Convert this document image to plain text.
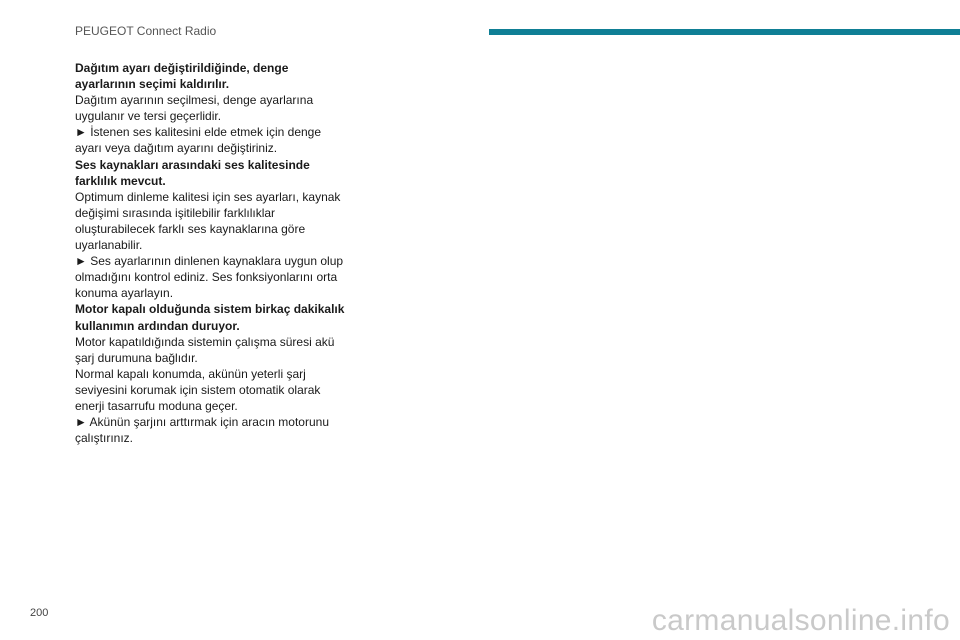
PEUGEOT Connect Radio

Dağıtım ayarı değiştirildiğinde, denge ayarlarının seçimi kaldırılır.

Dağıtım ayarının seçilmesi, denge ayarlarına uygulanır ve tersi geçerlidir.

► İstenen ses kalitesini elde etmek için denge ayarı veya dağıtım ayarını değiştiriniz.

Ses kaynakları arasındaki ses kalitesinde farklılık mevcut.

Optimum dinleme kalitesi için ses ayarları, kaynak değişimi sırasında işitilebilir farklılıklar oluşturabilecek farklı ses kaynaklarına göre uyarlanabilir.

► Ses ayarlarının dinlenen kaynaklara uygun olup olmadığını kontrol ediniz. Ses fonksiyonlarını orta konuma ayarlayın.

Motor kapalı olduğunda sistem birkaç dakikalık kullanımın ardından duruyor.

Motor kapatıldığında sistemin çalışma süresi akü şarj durumuna bağlıdır.

Normal kapalı konumda, akünün yeterli şarj seviyesini korumak için sistem otomatik olarak enerji tasarrufu moduna geçer.

► Akünün şarjını arttırmak için aracın motorunu çalıştırınız.

200	carmanualsonline.info
